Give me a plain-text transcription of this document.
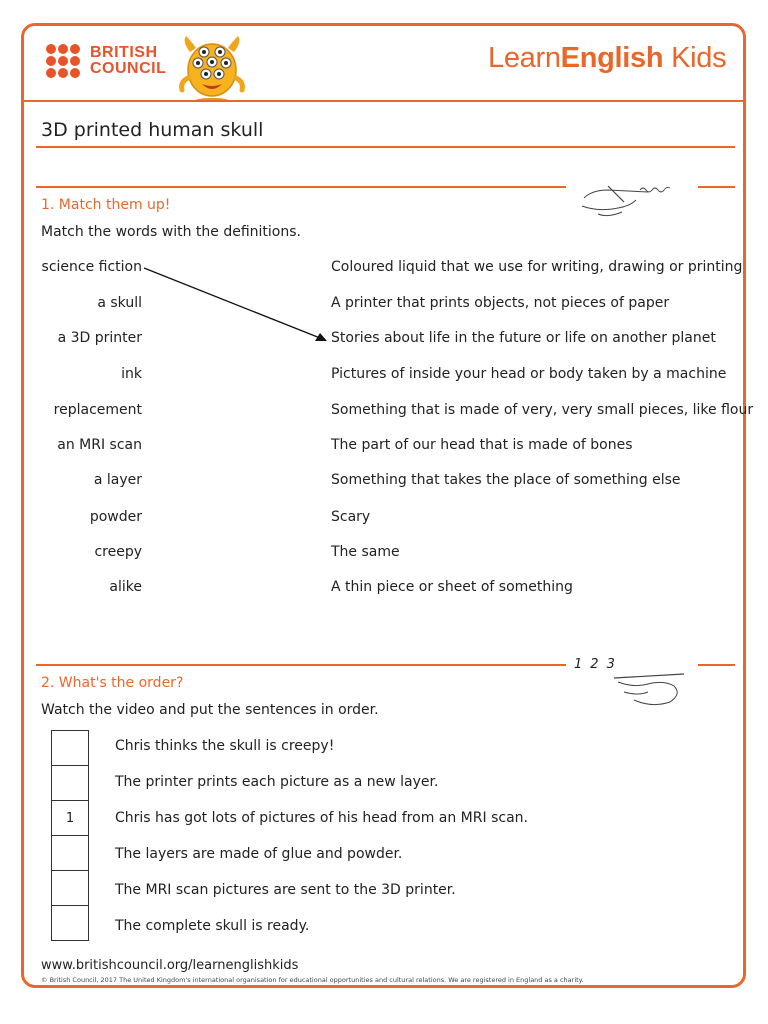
BRITISH
COUNCIL	LearnEnglish Kids
3D printed human skull
1. Match them up!
Match the words with the definitions.
science fiction
a skull
a 3D printer
ink
replacement
an MRI scan
a layer
powder
creepy
alike
Coloured liquid that we use for writing, drawing or printing
A printer that prints objects, not pieces of paper
Stories about life in the future or life on another planet
Pictures of inside your head or body taken by a machine
Something that is made of very, very small pieces, like flour
The part of our head that is made of bones
Something that takes the place of something else
Scary
The same
A thin piece or sheet of something
123
2. What's the order?
Watch the video and put the sentences in order.
Chris thinks the skull is creepy!
The printer prints each picture as a new layer.
1	Chris has got lots of pictures of his head from an MRI scan.
The layers are made of glue and powder.
The MRI scan pictures are sent to the 3D printer.
The complete skull is ready.
www.britishcouncil.org/learnenglishkids
© British Council, 2017 The United Kingdom's international organisation for educational opportunities and cultural relations. We are registered in England as a charity.
